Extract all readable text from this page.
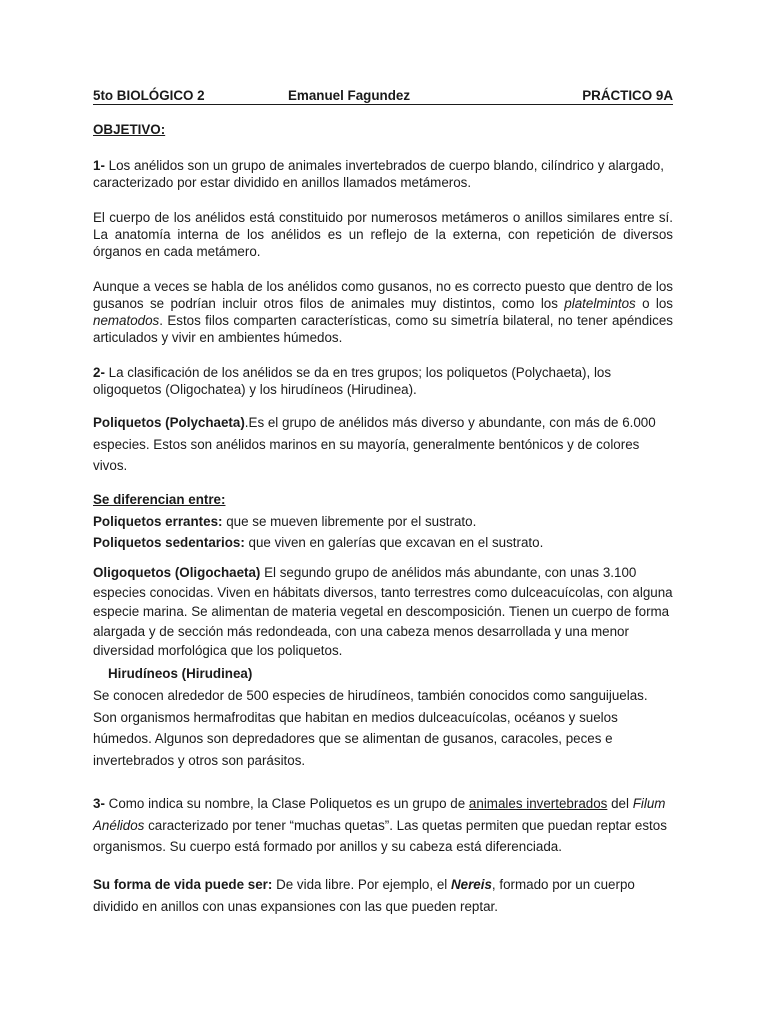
5to BIOLÓGICO 2	Emanuel Fagundez	PRÁCTICO 9A
OBJETIVO:

1- Los anélidos son un grupo de animales invertebrados de cuerpo blando, cilíndrico y alargado, caracterizado por estar dividido en anillos llamados metámeros.

El cuerpo de los anélidos está constituido por numerosos metámeros o anillos similares entre sí. La anatomía interna de los anélidos es un reflejo de la externa, con repetición de diversos órganos en cada metámero.

Aunque a veces se habla de los anélidos como gusanos, no es correcto puesto que dentro de los gusanos se podrían incluir otros filos de animales muy distintos, como los platelmintos o los nematodos. Estos filos comparten características, como su simetría bilateral, no tener apéndices articulados y vivir en ambientes húmedos.

2- La clasificación de los anélidos se da en tres grupos; los poliquetos (Polychaeta), los oligoquetos (Oligochatea) y los hirudíneos (Hirudinea).

Poliquetos (Polychaeta).Es el grupo de anélidos más diverso y abundante, con más de 6.000 especies. Estos son anélidos marinos en su mayoría, generalmente bentónicos y de colores vivos.

Se diferencian entre:
Poliquetos errantes: que se mueven libremente por el sustrato.
Poliquetos sedentarios: que viven en galerías que excavan en el sustrato.

Oligoquetos (Oligochaeta) El segundo grupo de anélidos más abundante, con unas 3.100 especies conocidas. Viven en hábitats diversos, tanto terrestres como dulceacuícolas, con alguna especie marina. Se alimentan de materia vegetal en descomposición. Tienen un cuerpo de forma alargada y de sección más redondeada, con una cabeza menos desarrollada y una menor diversidad morfológica que los poliquetos.

Hirudíneos (Hirudinea)

Se conocen alrededor de 500 especies de hirudíneos, también conocidos como sanguijuelas. Son organismos hermafroditas que habitan en medios dulceacuícolas, océanos y suelos húmedos. Algunos son depredadores que se alimentan de gusanos, caracoles, peces e invertebrados y otros son parásitos.

3- Como indica su nombre, la Clase Poliquetos es un grupo de animales invertebrados del Filum Anélidos caracterizado por tener “muchas quetas”. Las quetas permiten que puedan reptar estos organismos. Su cuerpo está formado por anillos y su cabeza está diferenciada.

Su forma de vida puede ser: De vida libre. Por ejemplo, el Nereis, formado por un cuerpo dividido en anillos con unas expansiones con las que pueden reptar.
